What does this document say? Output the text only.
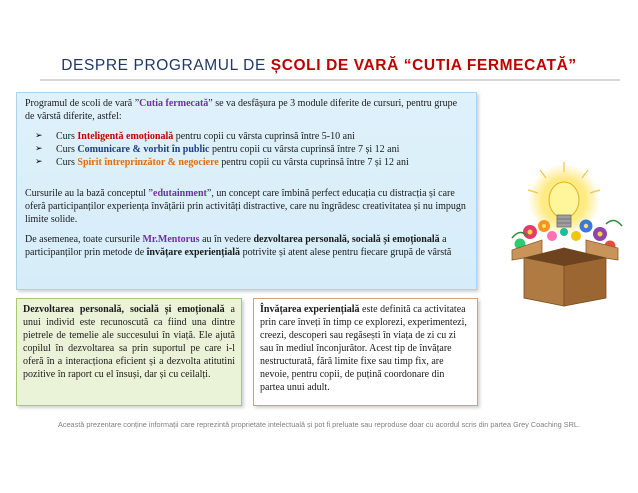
DESPRE PROGRAMUL DE ȘCOLI DE VARĂ “CUTIA FERMECATĂ”

Programul de scoli de vară ”Cutia fermecată” se va desfășura pe 3 module diferite de cursuri, pentru grupe de vârstă diferite, astfel:

➢ Curs Inteligentă emoțională pentru copii cu vârsta cuprinsă între 5-10 ani
➢ Curs Comunicare & vorbit în public pentru copii cu vârsta cuprinsă între 7 și 12 ani
➢ Curs Spirit întreprinzător & negociere pentru copii cu vârsta cuprinsă între 7 și 12 ani

Cursurile au la bază conceptul ”edutainment”, un concept care îmbină perfect educația cu distracția și care oferă participanților experiența învățării prin activități distractive, care nu îngrădesc creativitatea și nu impugn limite solide.

De asemenea, toate cursurile Mr.Mentorus au în vedere dezvoltarea personală, socială și emoțională a participanților prin metode de învățare experiențială potrivite și atent alese pentru fiecare grupă de vârstă

Dezvoltarea personală, socială și emoțională a unui individ este recunoscută ca fiind una dintre pietrele de temelie ale succesului în viață. Ele ajută copilul în dezvoltarea sa prin suportul pe care i-l oferă în a interacționa eficient și a dezvolta atitutini pozitive în raport cu el însuși, dar și cu ceilalți.
Învățarea experiențială este definită ca activitatea prin care înveți în timp ce explorezi, experimentezi, creezi, descoperi sau regăsești în viața de zi cu zi sau în mediul înconjurător. Acest tip de învățare nestructurată, fără limite fixe sau timp fix, are nevoie, pentru copii, de puțină coordonare din partea unui adult.
Această prezentare conține informații care reprezintă proprietate intelectuală și pot fi preluate sau reproduse doar cu acordul scris din partea Grey Coaching SRL.
